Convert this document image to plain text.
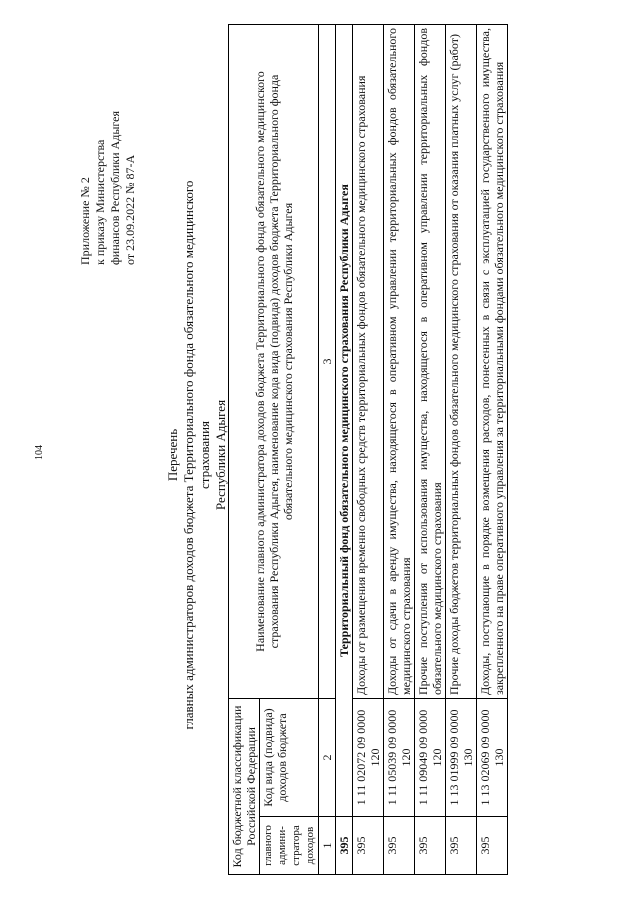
104
Приложение № 2 к приказу Министерства финансов Республики Адыгея от 23.09.2022 № 87-А
Перечень главных администраторов доходов бюджета Территориального фонда обязательного медицинского страхования Республики Адыгея
Код бюджетной классификации Российской Федерации		Наименование главного администратора доходов бюджета Территориального фонда обязательного медицинского страхования Республики Адыгея, наименование кода вида (подвида) доходов бюджета Территориального фонда обязательного медицинского страхования Республики Адыгея
главного админи-стратора доходов	Код вида (подвида) доходов бюджета	
1	2	3
395	Территориальный фонд обязательного медицинского страхования Республики Адыгея	
395	1 11 02072 09 0000 120	Доходы от размещения временно свободных средств территориальных фондов обязательного медицинского страхования
395	1 11 05039 09 0000 120	Доходы от сдачи в аренду имущества, находящегося в оперативном управлении территориальных фондов обязательного медицинского страхования
395	1 11 09049 09 0000 120	Прочие поступления от использования имущества, находящегося в оперативном управлении территориальных фондов обязательного медицинского страхования
395	1 13 01999 09 0000 130	Прочие доходы бюджетов территориальных фондов обязательного медицинского страхования от оказания платных услуг (работ)
395	1 13 02069 09 0000 130	Доходы, поступающие в порядке возмещения расходов, понесенных в связи с эксплуатацией государственного имущества, закрепленного на праве оперативного управления за территориальными фондами обязательного медицинского страхования
